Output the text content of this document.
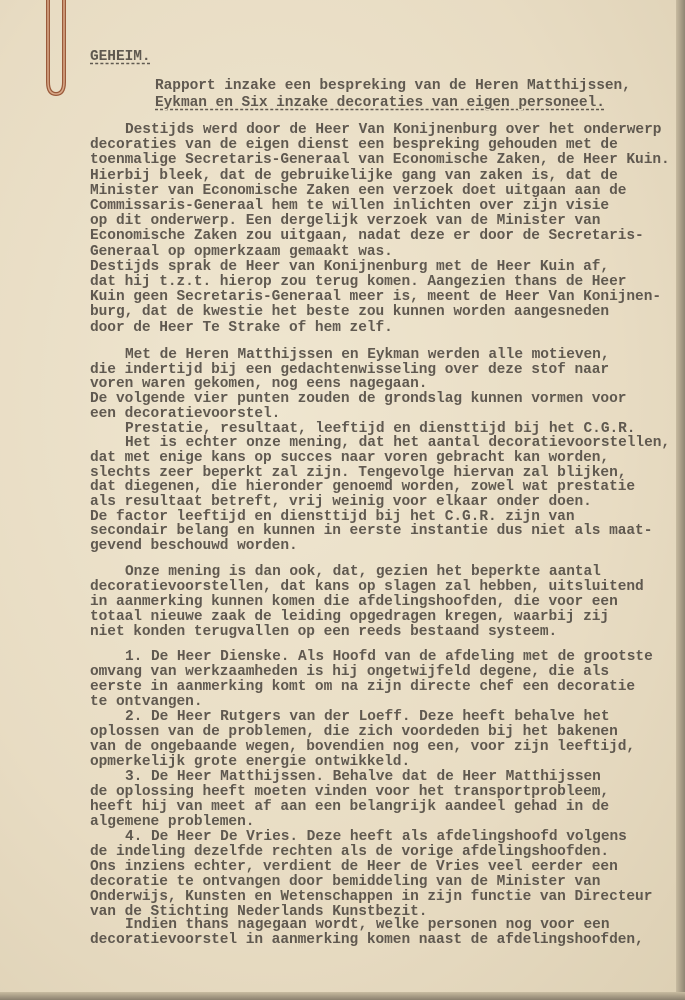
GEHEIM.
Rapport inzake een bespreking van de Heren Matthijssen,
Eykman en Six inzake decoraties van eigen personeel.
Destijds werd door de Heer Van Konijnenburg over het onderwerp
decoraties van de eigen dienst een bespreking gehouden met de
toenmalige Secretaris-Generaal van Economische Zaken, de Heer Kuin.
Hierbij bleek, dat de gebruikelijke gang van zaken is, dat de
Minister van Economische Zaken een verzoek doet uitgaan aan de
Commissaris-Generaal hem te willen inlichten over zijn visie
op dit onderwerp. Een dergelijk verzoek van de Minister van
Economische Zaken zou uitgaan, nadat deze er door de Secretaris-
Generaal op opmerkzaam gemaakt was.
Destijds sprak de Heer van Konijnenburg met de Heer Kuin af,
dat hij t.z.t. hierop zou terug komen. Aangezien thans de Heer
Kuin geen Secretaris-Generaal meer is, meent de Heer Van Konijnen-
burg, dat de kwestie het beste zou kunnen worden aangesneden
door de Heer Te Strake of hem zelf.
Met de Heren Matthijssen en Eykman werden alle motieven,
die indertijd bij een gedachtenwisseling over deze stof naar
voren waren gekomen, nog eens nagegaan.
De volgende vier punten zouden de grondslag kunnen vormen voor
een decoratievoorstel.
Prestatie, resultaat, leeftijd en diensttijd bij het C.G.R.
Het is echter onze mening, dat het aantal decoratievoorstellen,
dat met enige kans op succes naar voren gebracht kan worden,
slechts zeer beperkt zal zijn. Tengevolge hiervan zal blijken,
dat diegenen, die hieronder genoemd worden, zowel wat prestatie
als resultaat betreft, vrij weinig voor elkaar onder doen.
De factor leeftijd en diensttijd bij het C.G.R. zijn van
secondair belang en kunnen in eerste instantie dus niet als maat-
gevend beschouwd worden.
Onze mening is dan ook, dat, gezien het beperkte aantal
decoratievoorstellen, dat kans op slagen zal hebben, uitsluitend
in aanmerking kunnen komen die afdelingshoofden, die voor een
totaal nieuwe zaak de leiding opgedragen kregen, waarbij zij
niet konden terugvallen op een reeds bestaand systeem.
1. De Heer Dienske. Als Hoofd van de afdeling met de grootste
omvang van werkzaamheden is hij ongetwijfeld degene, die als
eerste in aanmerking komt om na zijn directe chef een decoratie
te ontvangen.
2. De Heer Rutgers van der Loeff. Deze heeft behalve het
oplossen van de problemen, die zich voordeden bij het bakenen
van de ongebaande wegen, bovendien nog een, voor zijn leeftijd,
opmerkelijk grote energie ontwikkeld.
3. De Heer Matthijssen. Behalve dat de Heer Matthijssen
de oplossing heeft moeten vinden voor het transportprobleem,
heeft hij van meet af aan een belangrijk aandeel gehad in de
algemene problemen.
4. De Heer De Vries. Deze heeft als afdelingshoofd volgens
de indeling dezelfde rechten als de vorige afdelingshoofden.
Ons inziens echter, verdient de Heer de Vries veel eerder een
decoratie te ontvangen door bemiddeling van de Minister van
Onderwijs, Kunsten en Wetenschappen in zijn functie van Directeur
van de Stichting Nederlands Kunstbezit.
Indien thans nagegaan wordt, welke personen nog voor een
decoratievoorstel in aanmerking komen naast de afdelingshoofden,
